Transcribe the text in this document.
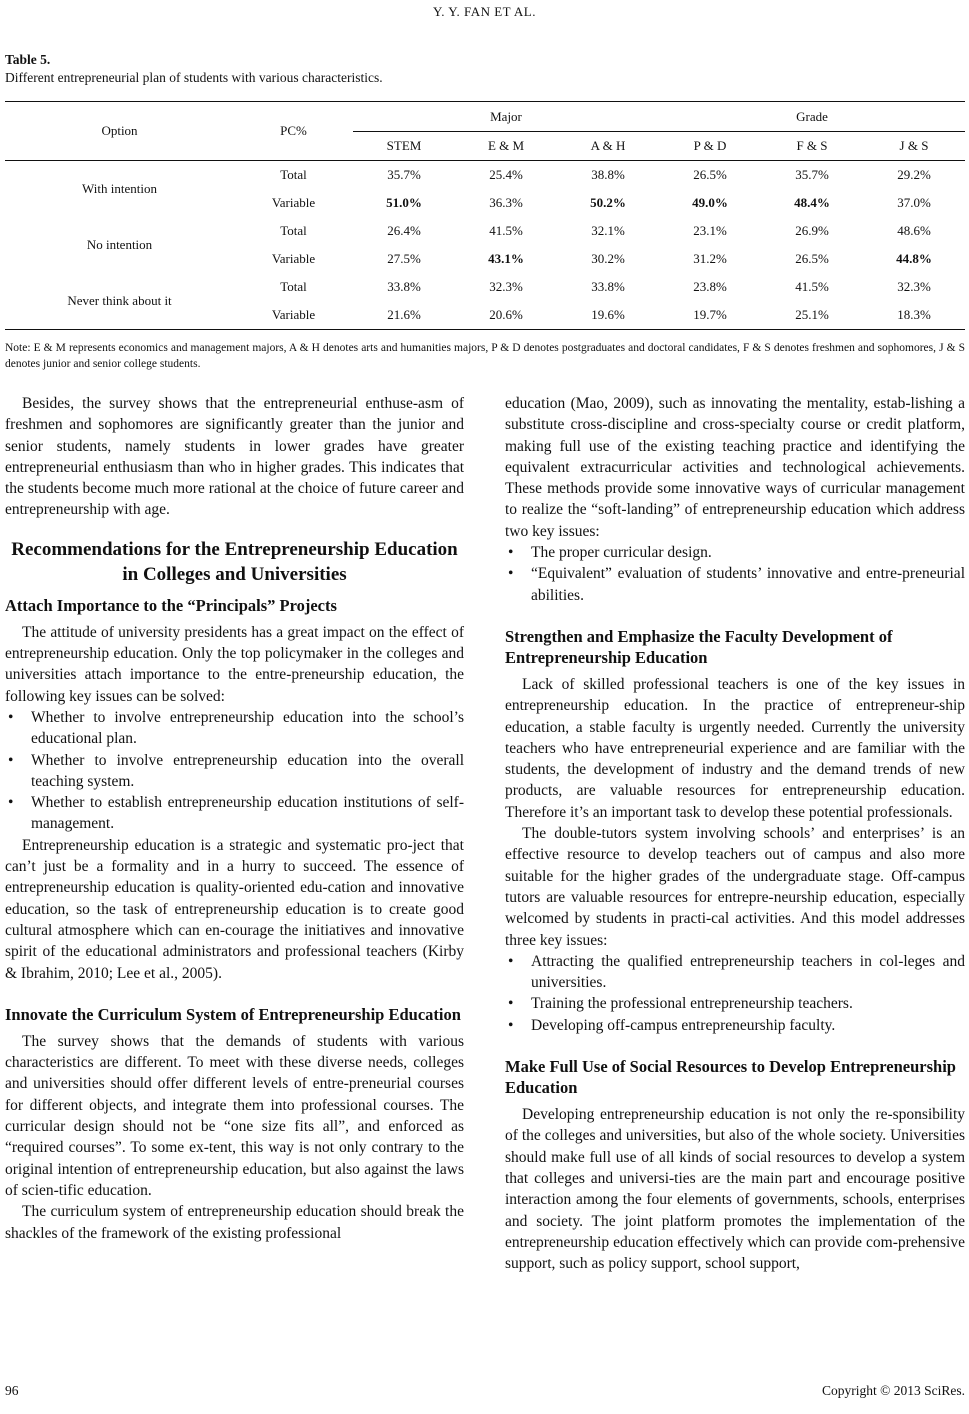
Y. Y. FAN ET AL.
Table 5.
Different entrepreneurial plan of students with various characteristics.
Option	PC%	Major			Grade		
		STEM	E & M	A & H	P & D	F & S	J & S
With intention	Total	35.7%	25.4%	38.8%	26.5%	35.7%	29.2%
	Variable	51.0%	36.3%	50.2%	49.0%	48.4%	37.0%
No intention	Total	26.4%	41.5%	32.1%	23.1%	26.9%	48.6%
	Variable	27.5%	43.1%	30.2%	31.2%	26.5%	44.8%
Never think about it	Total	33.8%	32.3%	33.8%	23.8%	41.5%	32.3%
	Variable	21.6%	20.6%	19.6%	19.7%	25.1%	18.3%
Note: E & M represents economics and management majors, A & H denotes arts and humanities majors, P & D denotes postgraduates and doctoral candidates, F & S denotes freshmen and sophomores, J & S denotes junior and senior college students.

Besides, the survey shows that the entrepreneurial enthuse-asm of freshmen and sophomores are significantly greater than the junior and senior students, namely students in lower grades have greater entrepreneurial enthusiasm than who in higher grades. This indicates that the students become much more rational at the choice of future career and entrepreneurship with age.

Recommendations for the Entrepreneurship Education in Colleges and Universities
Attach Importance to the “Principals” Projects

The attitude of university presidents has a great impact on the effect of entrepreneurship education. Only the top policymaker in the colleges and universities attach importance to the entre-preneurship education, the following key issues can be solved:

• Whether to involve entrepreneurship education into the school’s educational plan.
• Whether to involve entrepreneurship education into the overall teaching system.
• Whether to establish entrepreneurship education institutions of self-management.

Entrepreneurship education is a strategic and systematic pro-ject that can’t just be a formality and in a hurry to succeed. The essence of entrepreneurship education is quality-oriented edu-cation and innovative education, so the task of entrepreneurship education is to create good cultural atmosphere which can en-courage the initiatives and innovative spirit of the educational administrators and professional teachers (Kirby & Ibrahim, 2010; Lee et al., 2005).

Innovate the Curriculum System of Entrepreneurship Education

The survey shows that the demands of students with various characteristics are different. To meet with these diverse needs, colleges and universities should offer different levels of entre-preneurial courses for different objects, and integrate them into professional courses. The curricular design should not be “one size fits all”, and enforced as “required courses”. To some ex-tent, this way is not only contrary to the original intention of entrepreneurship education, but also against the laws of scien-tific education.

The curriculum system of entrepreneurship education should break the shackles of the framework of the existing professional

education (Mao, 2009), such as innovating the mentality, estab-lishing a substitute cross-discipline and cross-specialty course or credit platform, making full use of the existing teaching practice and identifying the equivalent extracurricular activities and technological achievements. These methods provide some innovative ways of curricular management to realize the “soft-landing” of entrepreneurship education which address two key issues:

• The proper curricular design.
• “Equivalent” evaluation of students’ innovative and entre-preneurial abilities.
Strengthen and Emphasize the Faculty Development of Entrepreneurship Education

Lack of skilled professional teachers is one of the key issues in entrepreneurship education. In the practice of entrepreneur-ship education, a stable faculty is urgently needed. Currently the university teachers who have entrepreneurial experience and are familiar with the students, the development of industry and the demand trends of new products, are valuable resources for entrepreneurship education. Therefore it’s an important task to develop these potential professionals.

The double-tutors system involving schools’ and enterprises’ is an effective resource to develop teachers out of campus and also more suitable for the higher grades of the undergraduate stage. Off-campus tutors are valuable resources for entrepre-neurship education, especially welcomed by students in practi-cal activities. And this model addresses three key issues:

• Attracting the qualified entrepreneurship teachers in col-leges and universities.
• Training the professional entrepreneurship teachers.
• Developing off-campus entrepreneurship faculty.
Make Full Use of Social Resources to Develop Entrepreneurship Education

Developing entrepreneurship education is not only the re-sponsibility of the colleges and universities, but also of the whole society. Universities should make full use of all kinds of social resources to develop a system that colleges and universi-ties are the main part and encourage positive interaction among the four elements of governments, schools, enterprises and society. The joint platform promotes the implementation of the entrepreneurship education effectively which can provide com-prehensive support, such as policy support, school support,

96	Copyright © 2013 SciRes.
